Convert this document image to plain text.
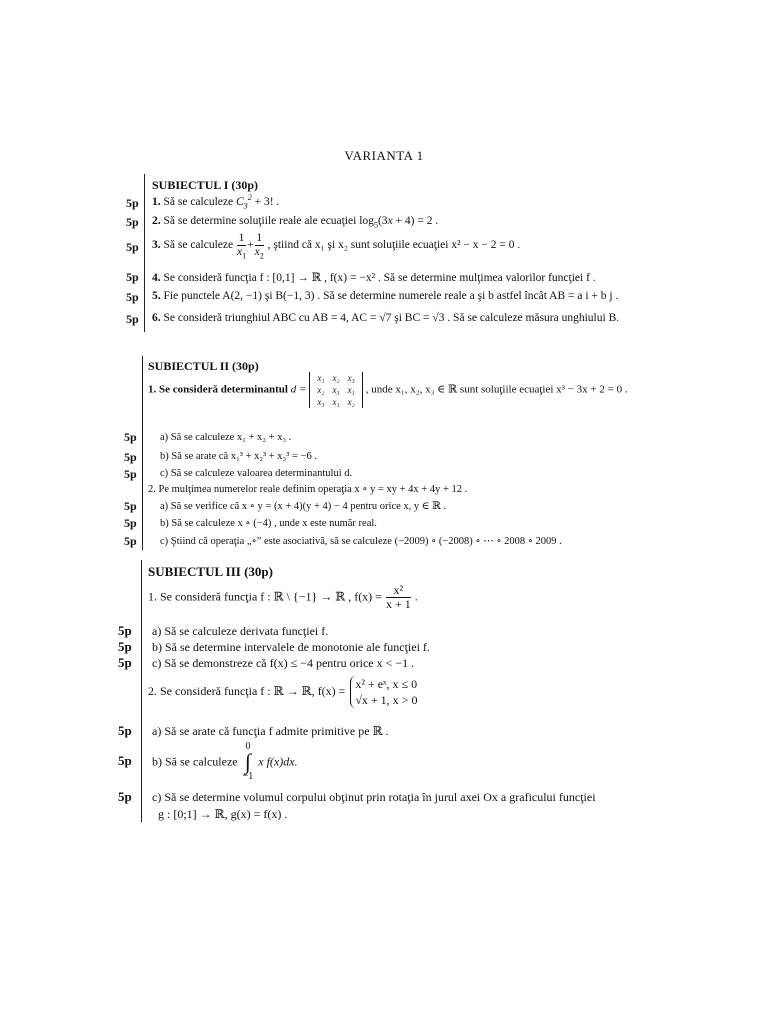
VARIANTA 1
SUBIECTUL I (30p)
5p 1. Să se calculeze $C_3^2 + 3$! .
5p 2. Să se determine soluţiile reale ale ecuaţiei $\log_5(3x + 4) = 2$ .
5p 3. Să se calculeze $\frac{1}{x_1} + \frac{1}{x_2}$ , ştiind că x₁ şi x₂ sunt soluţiile ecuaţiei x² − x − 2 = 0 .
5p 4. Se consideră funcţia f : [0,1] → ℝ , f(x) = −x² . Să se determine mulţimea valorilor funcţiei f .
5p 5. Fie punctele A(2, −1) şi B(−1, 3) . Să se determine numerele reale a şi b astfel încât AB = a i + b j .
5p 6. Se consideră triunghiul ABC cu AB = 4, AC = √7 şi BC = √3 . Să se calculeze măsura unghiului B.
SUBIECTUL II (30p)
1. Se consideră determinantul d =
x₁	x₂	x₃
x₂	x₃	x₁
x₃	x₁	x₂
, unde x₁, x₂, x₃ ∈ ℝ sunt soluţiile ecuaţiei x³ − 3x + 2 = 0 .
5p a) Să se calculeze x₁ + x₂ + x₃ .
5p b) Să se arate că x₁³ + x₂³ + x₃³ = −6 .
5p c) Să se calculeze valoarea determinantului d.
2. Pe mulţimea numerelor reale definim operaţia x ∘ y = xy + 4x + 4y + 12 .
5p a) Să se verifice că x ∘ y = (x + 4)(y + 4) − 4 pentru orice x, y ∈ ℝ .
5p b) Să se calculeze x ∘ (−4) , unde x este număr real.
5p c) Ştiind că operaţia „∘” este asociativă, să se calculeze (−2009) ∘ (−2008) ∘ ⋯ ∘ 2008 ∘ 2009 .
SUBIECTUL III (30p)
1. Se consideră funcţia f : ℝ \ {−1} → ℝ , $f(x) = \frac{\text{x²}}{x + 1}$ .
5p a) Să se calculeze derivata funcţiei f.
5p b) Să se determine intervalele de monotonie ale funcţiei f.
5p c) Să se demonstreze că f(x) ≤ −4 pentru orice x < −1 .
2. Se consideră funcţia f : ℝ → ℝ, f(x) = x² + eˣ, x ≤ 0
√x + 1, x > 0
5p a) Să se arate că funcţia f admite primitive pe ℝ .
5p b) Să se calculeze
0
∫
−1
x f(x)dx.
5p c) Să se determine volumul corpului obţinut prin rotaţia în jurul axei Ox a graficului funcţiei
g : [0;1] → ℝ, g(x) = f(x) .
